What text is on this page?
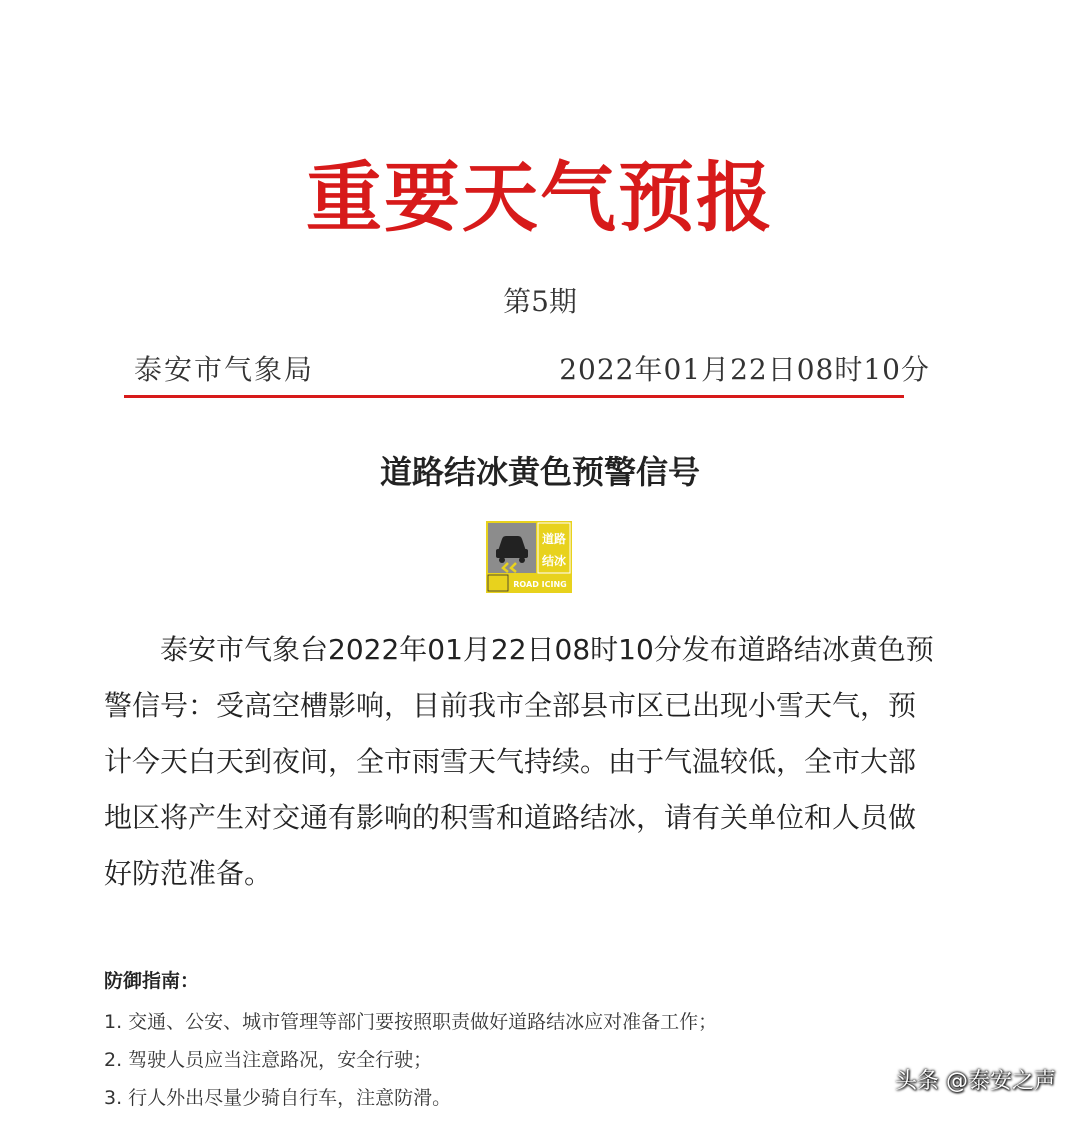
重要天气预报
第5期
泰安市气象局	2022年01月22日08时10分
道路结冰黄色预警信号
道路
结冰
ROAD ICING

泰安市气象台2022年01月22日08时10分发布道路结冰黄色预警信号：受高空槽影响，目前我市全部县市区已出现小雪天气，预计今天白天到夜间，全市雨雪天气持续。由于气温较低，全市大部地区将产生对交通有影响的积雪和道路结冰，请有关单位和人员做好防范准备。

防御指南：
1. 交通、公安、城市管理等部门要按照职责做好道路结冰应对准备工作；
2. 驾驶人员应当注意路况，安全行驶；
3. 行人外出尽量少骑自行车，注意防滑。
头条 @泰安之声
